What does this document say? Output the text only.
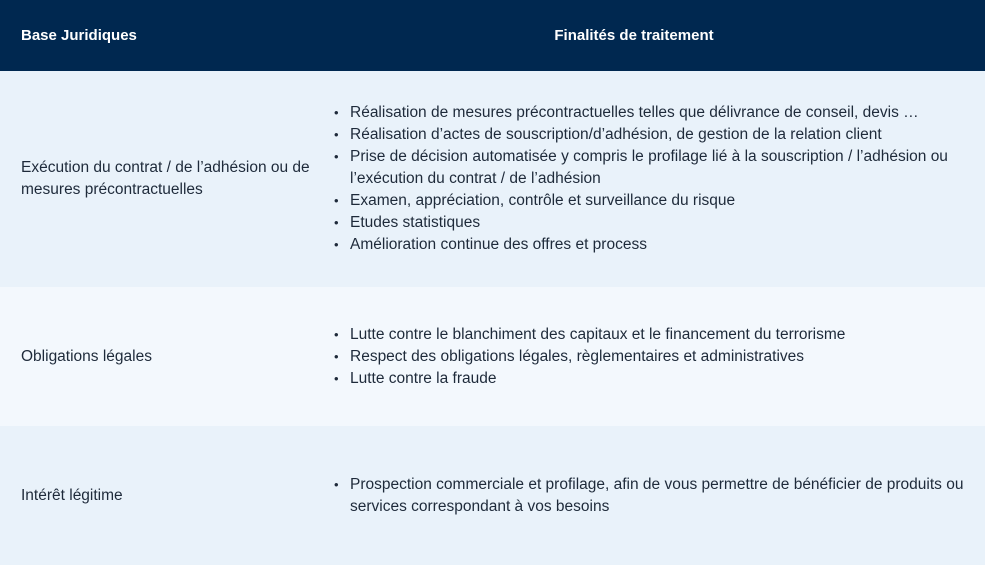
Base Juridiques	Finalités de traitement
Exécution du contrat / de l’adhésion ou de mesures précontractuelles
• Réalisation de mesures précontractuelles telles que délivrance de conseil, devis …
• Réalisation d’actes de souscription/d’adhésion, de gestion de la relation client
• Prise de décision automatisée y compris le profilage lié à la souscription / l’adhésion ou l’exécution du contrat / de l’adhésion
• Examen, appréciation, contrôle et surveillance du risque
• Etudes statistiques
• Amélioration continue des offres et process
Obligations légales
• Lutte contre le blanchiment des capitaux et le financement du terrorisme
• Respect des obligations légales, règlementaires et administratives
• Lutte contre la fraude
Intérêt légitime
• Prospection commerciale et profilage, afin de vous permettre de bénéficier de produits ou services correspondant à vos besoins
